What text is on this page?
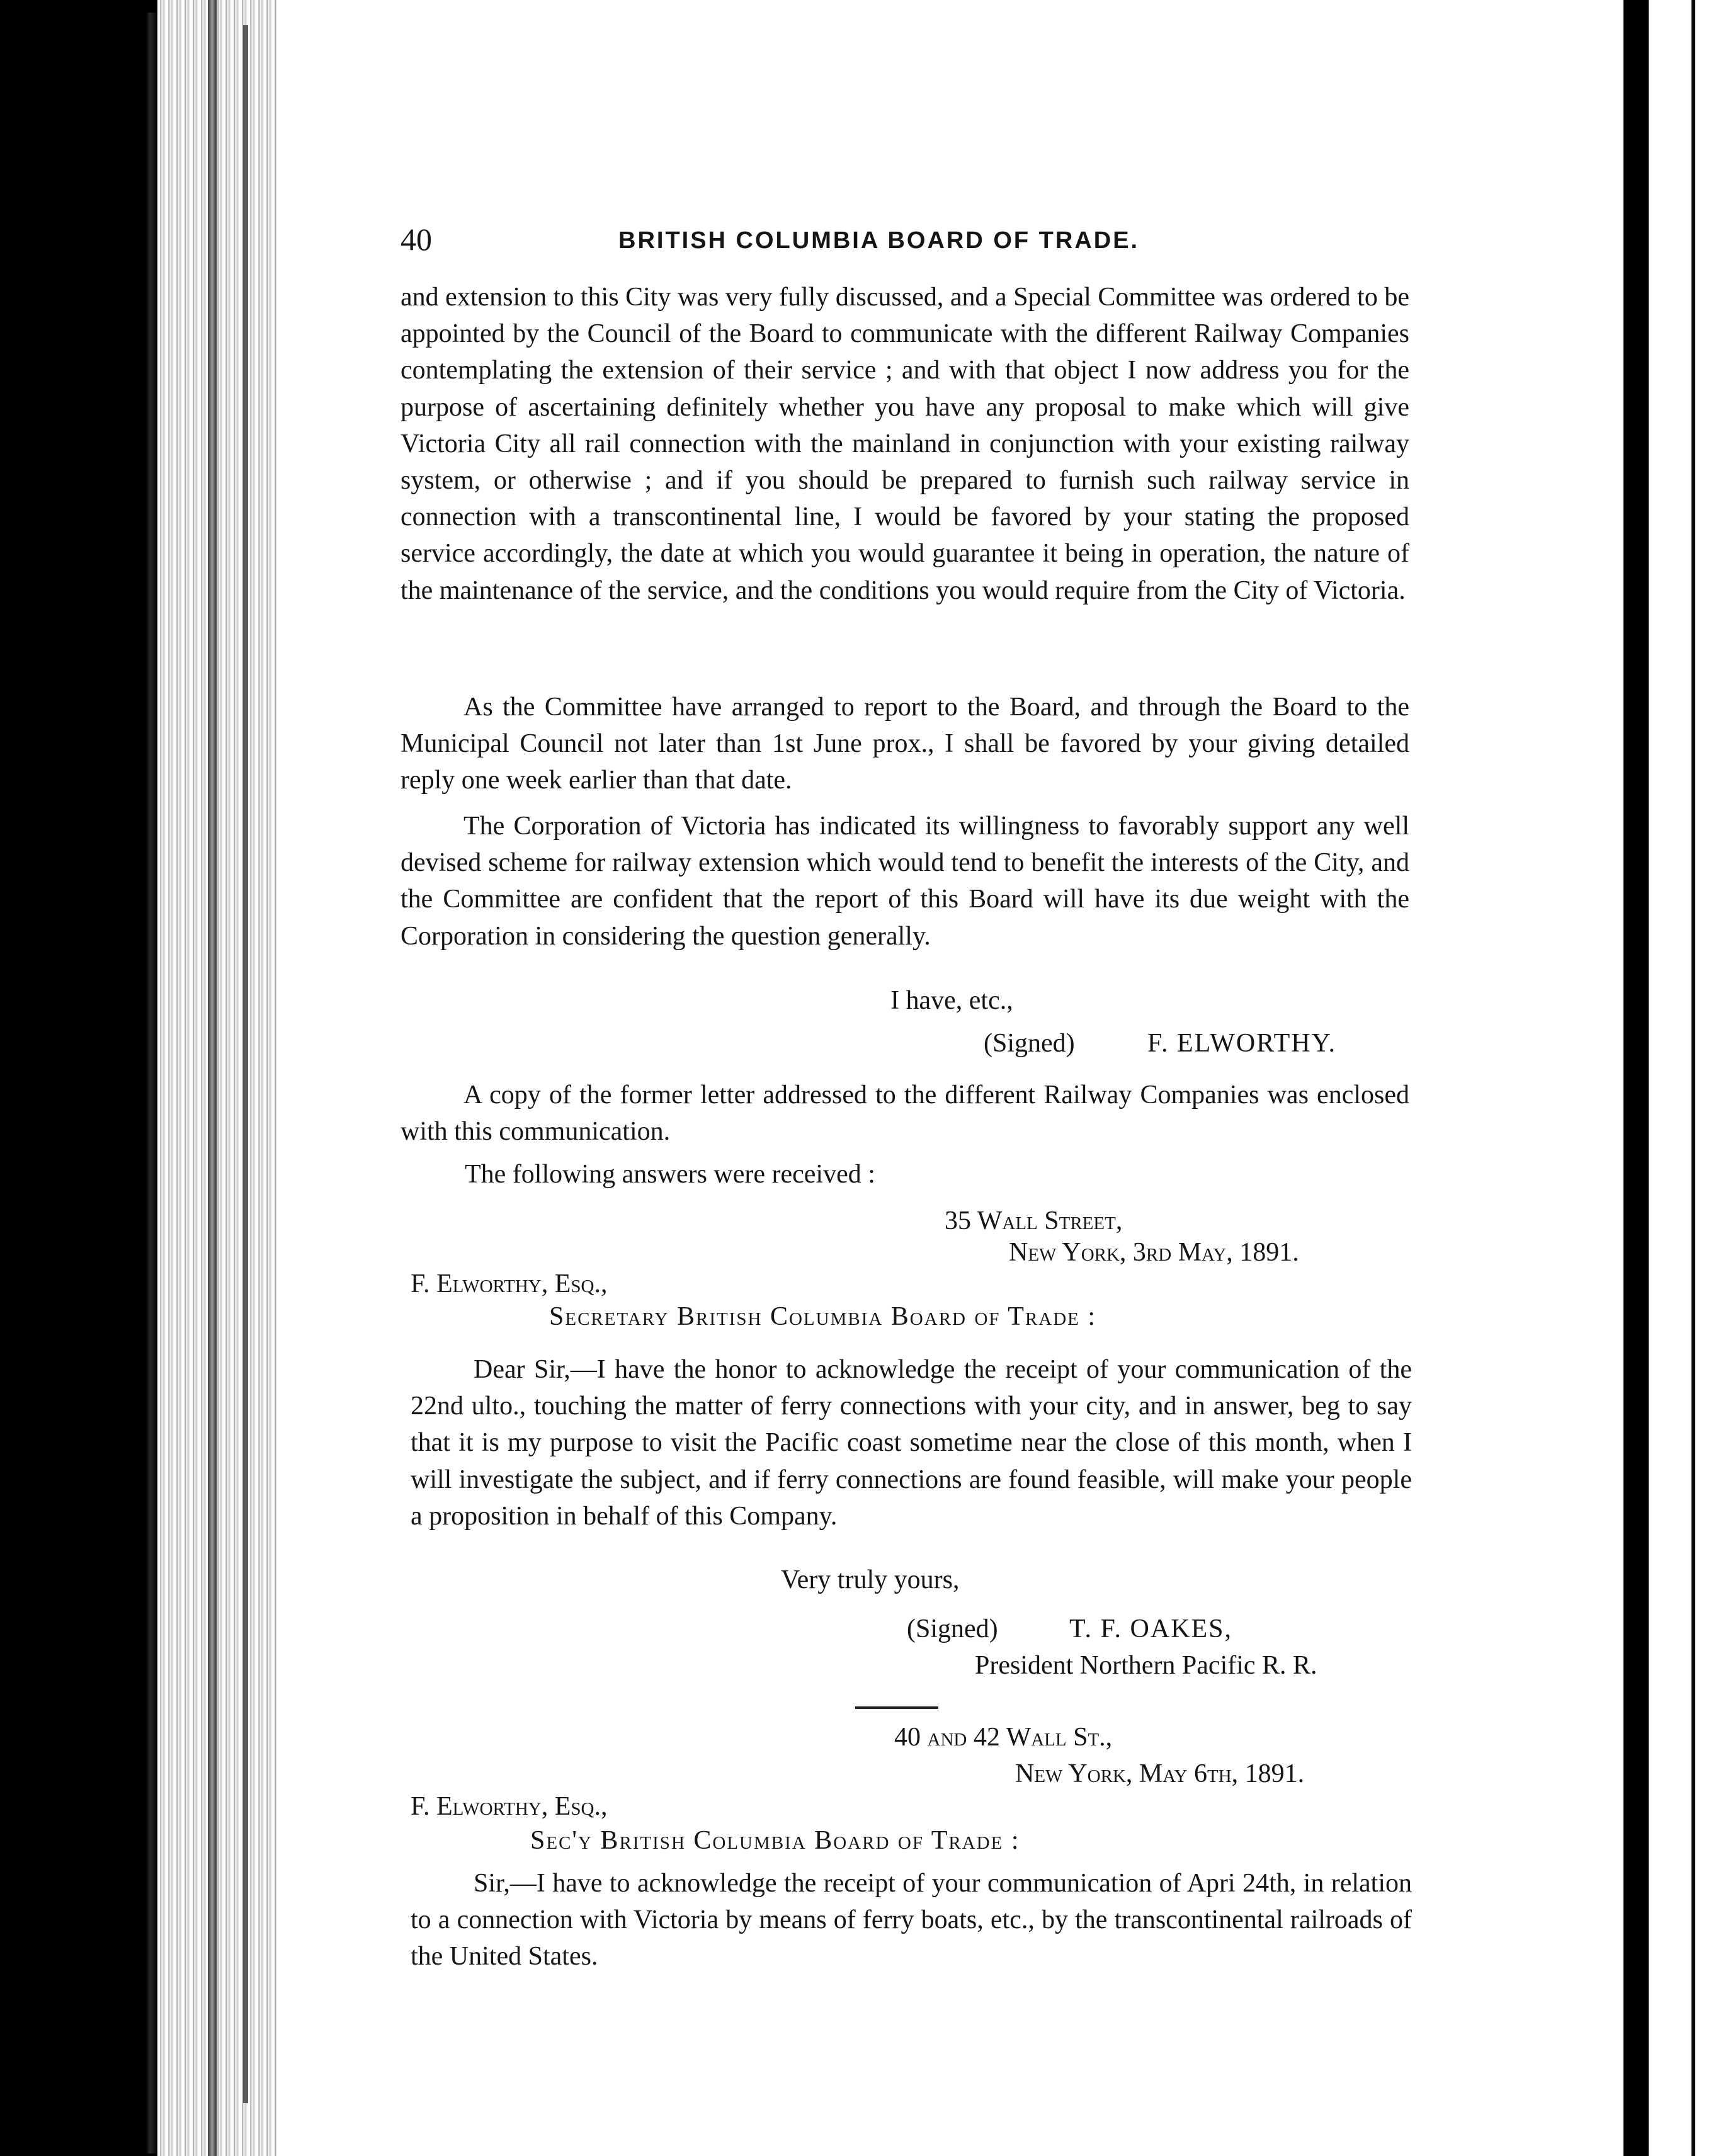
40	BRITISH COLUMBIA BOARD OF TRADE.
and extension to this City was very fully discussed, and a Special Committee was ordered to be appointed by the Council of the Board to communicate with the different Railway Companies contemplating the extension of their service ; and with that object I now address you for the purpose of ascertaining definitely whether you have any proposal to make which will give Victoria City all rail connection with the mainland in conjunction with your existing railway system, or otherwise ; and if you should be prepared to furnish such railway service in connection with a transcontinental line, I would be favored by your stating the proposed service accordingly, the date at which you would guarantee it being in operation, the nature of the maintenance of the service, and the conditions you would require from the City of Victoria.
As the Committee have arranged to report to the Board, and through the Board to the Municipal Council not later than 1st June prox., I shall be favored by your giving detailed reply one week earlier than that date.
The Corporation of Victoria has indicated its willingness to favorably support any well devised scheme for railway extension which would tend to benefit the interests of the City, and the Committee are confident that the report of this Board will have its due weight with the Corporation in considering the question generally.
I have, etc.,
(Signed)	F. ELWORTHY.
A copy of the former letter addressed to the different Railway Companies was enclosed with this communication.
The following answers were received :
35 Wall Street,
New York, 3rd May, 1891.
F. Elworthy, Esq.,
Secretary British Columbia Board of Trade :
Dear Sir,—I have the honor to acknowledge the receipt of your communication of the 22nd ulto., touching the matter of ferry connections with your city, and in answer, beg to say that it is my purpose to visit the Pacific coast sometime near the close of this month, when I will investigate the subject, and if ferry connections are found feasible, will make your people a proposition in behalf of this Company.
Very truly yours,
(Signed)	T. F. OAKES,
President Northern Pacific R. R.
40 and 42 Wall St.,
New York, May 6th, 1891.
F. Elworthy, Esq.,
Sec'y British Columbia Board of Trade :
Sir,—I have to acknowledge the receipt of your communication of Apri 24th, in relation to a connection with Victoria by means of ferry boats, etc., by the transcontinental railroads of the United States.
